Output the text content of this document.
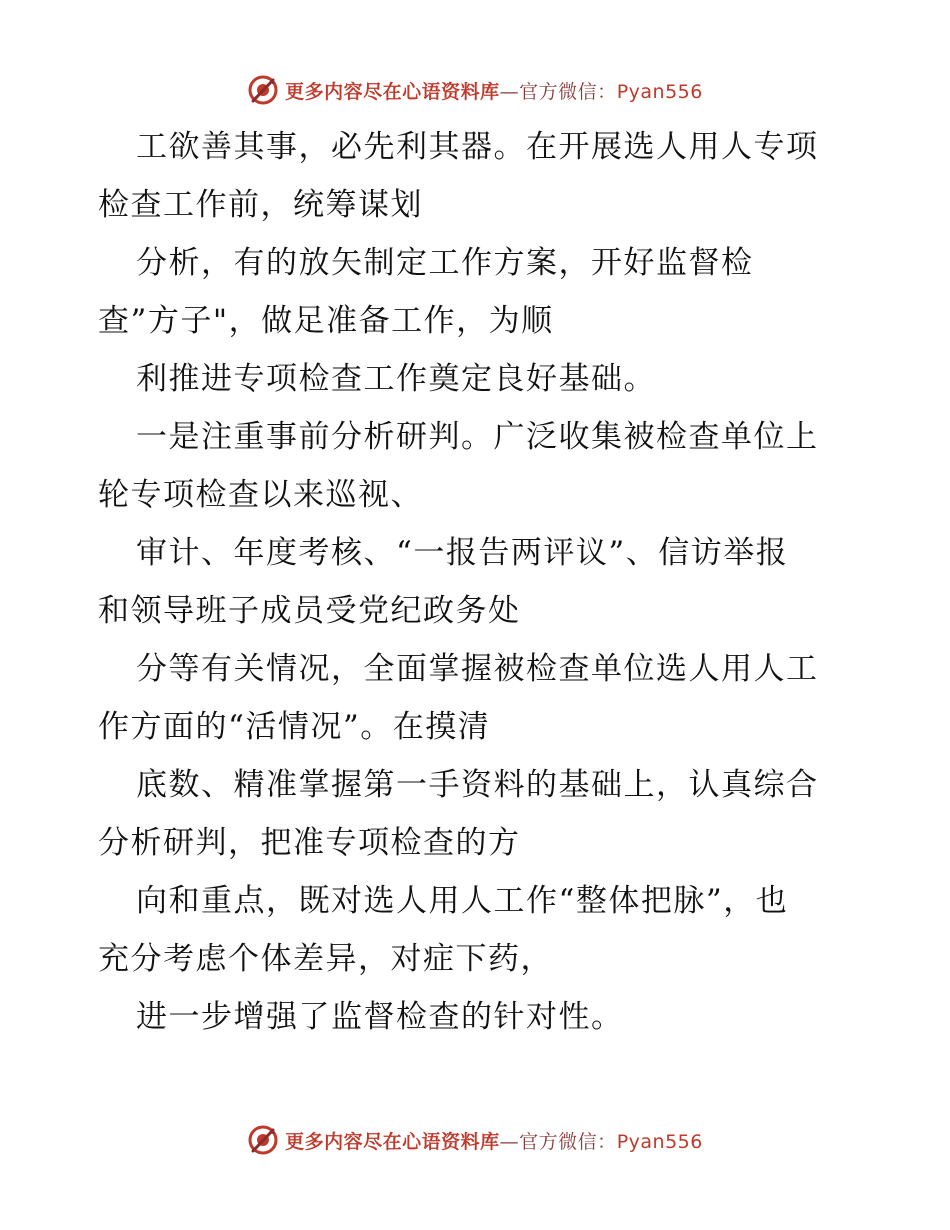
更多内容尽在心语资料库—官方微信：Pyan556
工欲善其事，必先利其器。在开展选人用人专项
检查工作前，统筹谋划
分析，有的放矢制定工作方案，开好监督检
查”方子"，做足准备工作，为顺
利推进专项检查工作奠定良好基础。
一是注重事前分析研判。广泛收集被检查单位上
轮专项检查以来巡视、
审计、年度考核、“一报告两评议”、信访举报
和领导班子成员受党纪政务处
分等有关情况，全面掌握被检查单位选人用人工
作方面的“活情况”。在摸清
底数、精准掌握第一手资料的基础上，认真综合
分析研判，把准专项检查的方
向和重点，既对选人用人工作“整体把脉”，也
充分考虑个体差异，对症下药，
进一步增强了监督检查的针对性。
更多内容尽在心语资料库—官方微信：Pyan556
